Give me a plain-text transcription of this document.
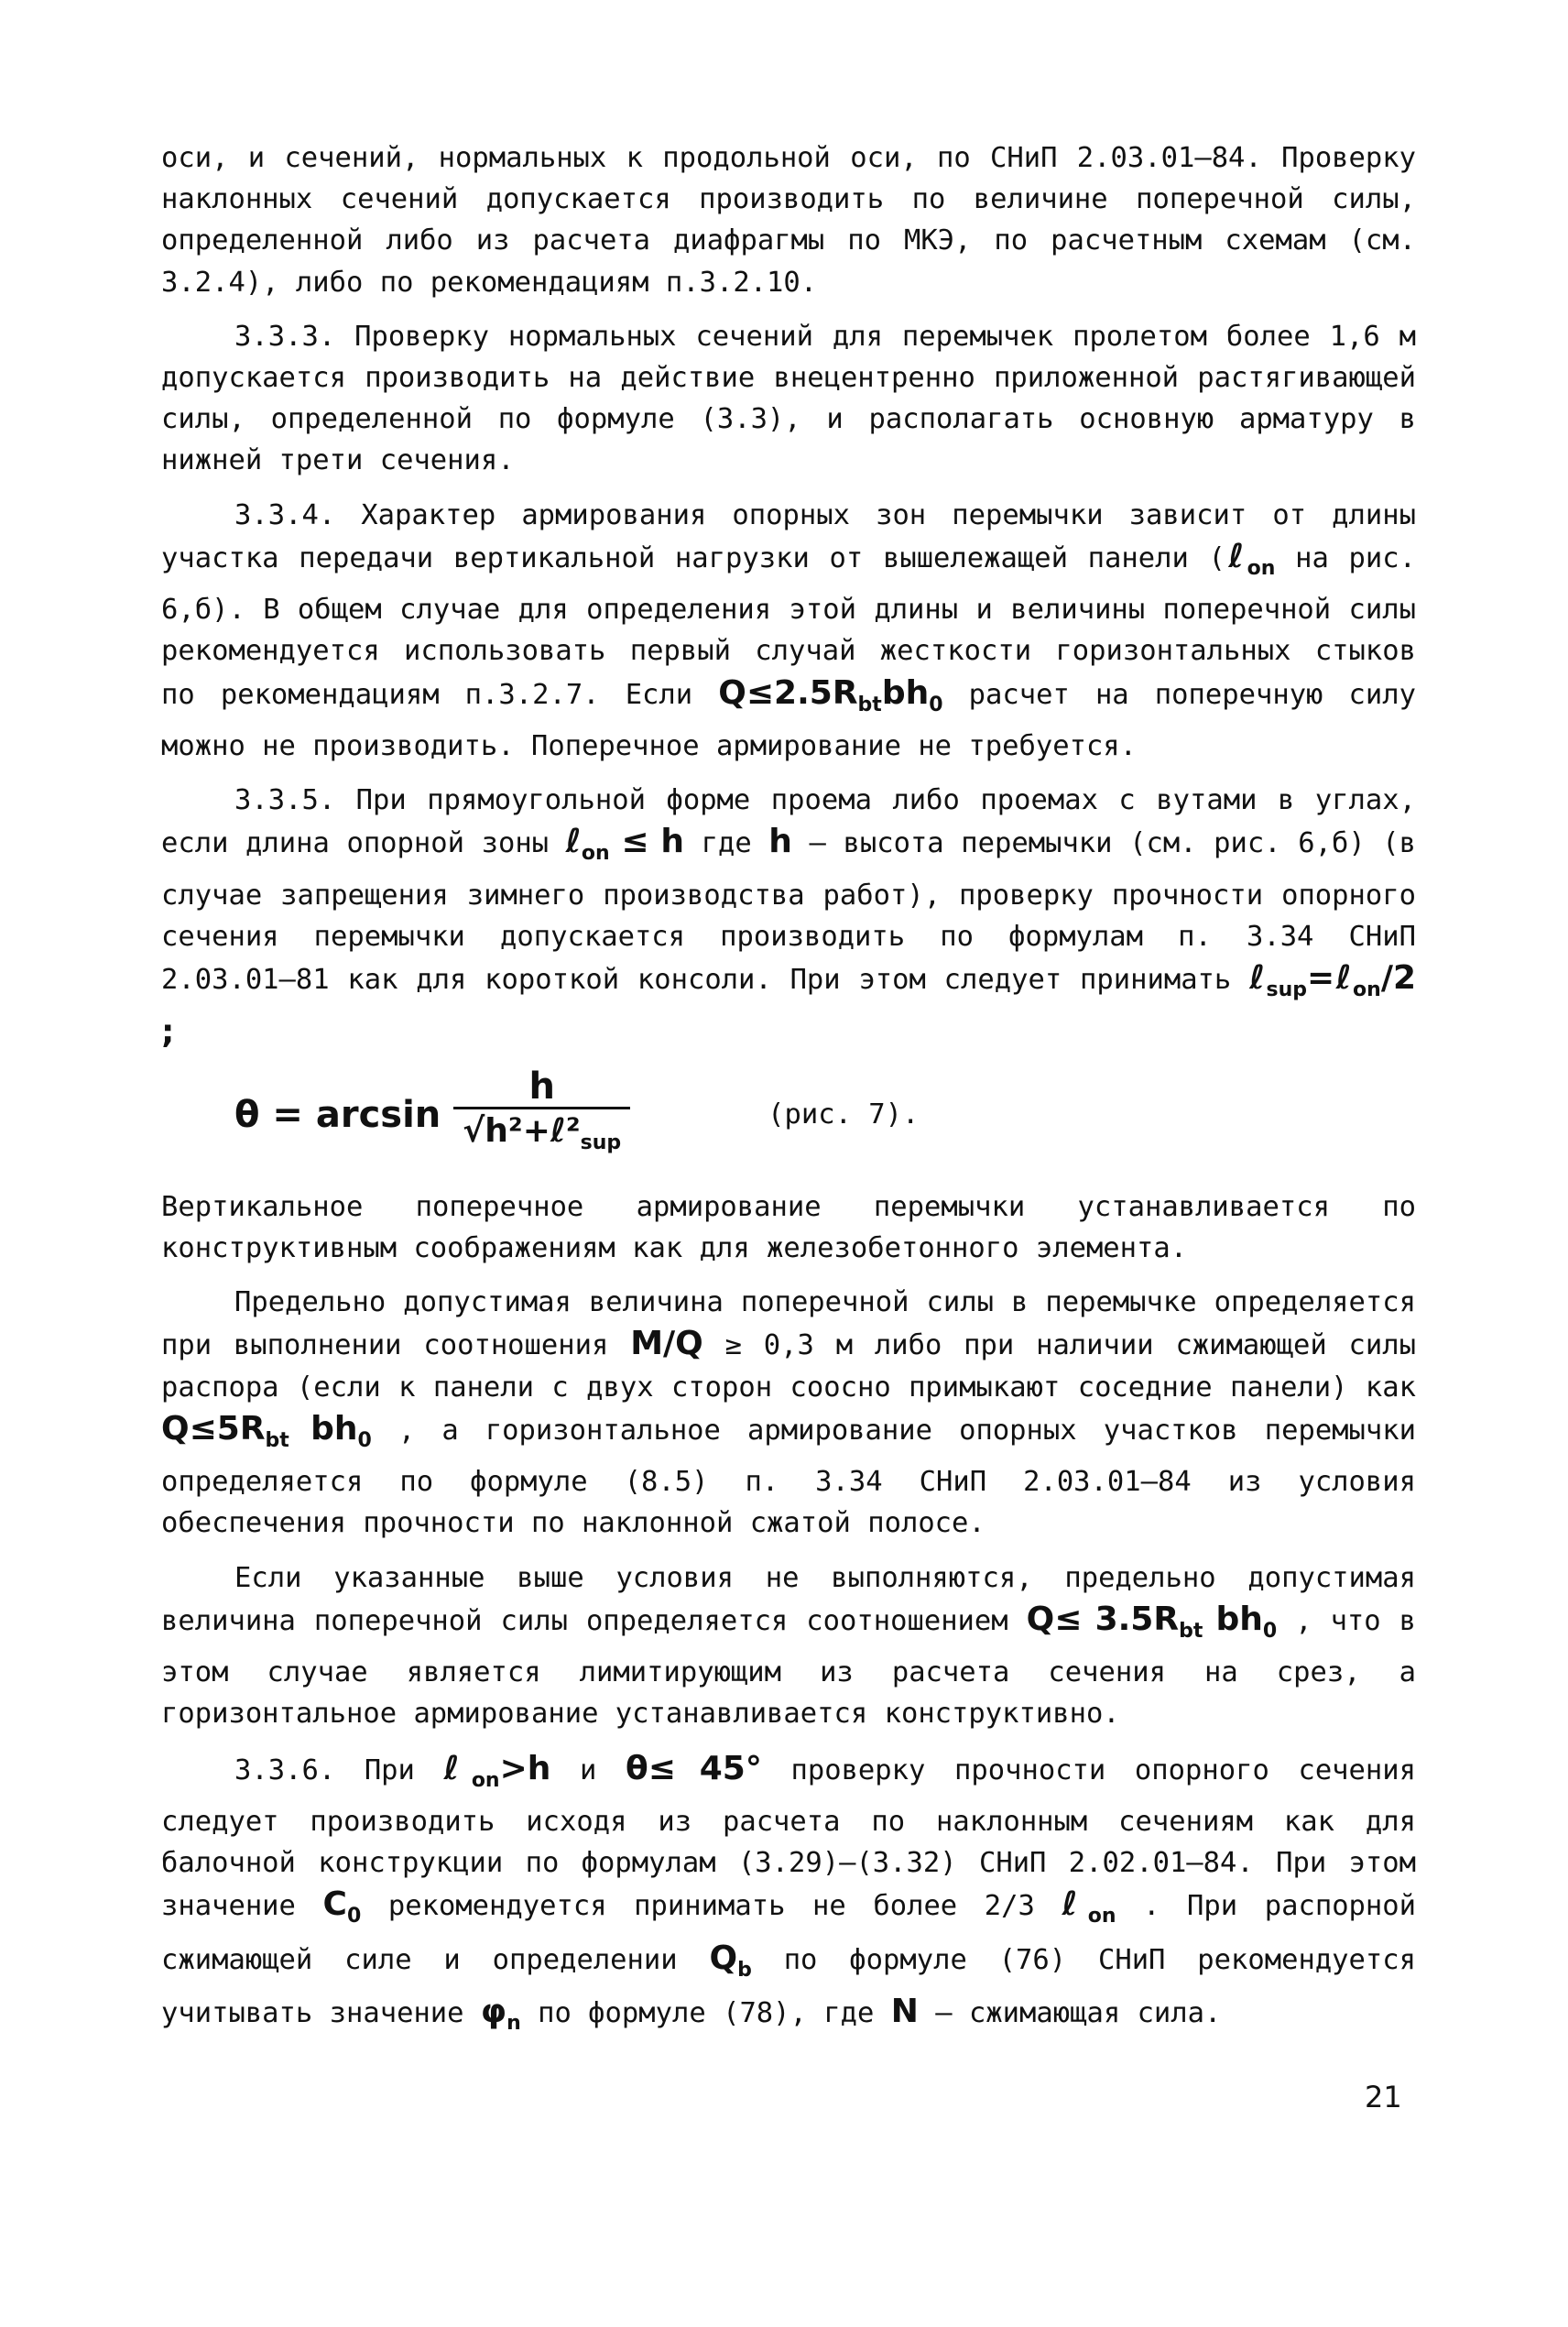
оси, и сечений, нормальных к продольной оси, по СНиП 2.03.01–84. Проверку наклонных сечений допускается производить по величине поперечной силы, определенной либо из расчета диафрагмы по МКЭ, по расчетным схемам (см. 3.2.4), либо по рекомендациям п.3.2.10.

3.3.3. Проверку нормальных сечений для перемычек пролетом более 1,6 м допускается производить на действие внецентренно приложенной растягивающей силы, определенной по формуле (3.3), и располагать основную арматуру в нижней трети сечения.

3.3.4. Характер армирования опорных зон перемычки зависит от длины участка передачи вертикальной нагрузки от вышележащей панели (ℓ$_{on}$ на рис. 6,б). В общем случае для определения этой длины и величины поперечной силы рекомендуется использовать первый случай жесткости горизонтальных стыков по рекомендациям п.3.2.7. Если $Q\le 2.5R_{bt}bh_0$ расчет на поперечную силу можно не производить. Поперечное армирование не требуется.

3.3.5. При прямоугольной форме проема либо проемах с вутами в углах, если длина опорной зоны ℓ$_{on}$ ≤ h где h – высота перемычки (см. рис. 6,б) (в случае запрещения зимнего производства работ), проверку прочности опорного сечения перемычки допускается производить по формулам п. 3.34 СНиП 2.03.01–81 как для короткой консоли. При этом следует принимать ℓ$_{sup}$=ℓ$_{on}$/2 ;

$\theta = \arcsin \frac{h}{√h^2+\ell^2_{sup}}$	(рис. 7).

Вертикальное поперечное армирование перемычки устанавливается по конструктивным соображениям как для железобетонного элемента.

Предельно допустимая величина поперечной силы в перемычке определяется при выполнении соотношения M/Q ≥ 0,3 м либо при наличии сжимающей силы распора (если к панели с двух сторон соосно примыкают соседние панели) как $Q\le 5R_{bt}$ $bh_0$ , а горизонтальное армирование опорных участков перемычки определяется по формуле (8.5) п. 3.34 СНиП 2.03.01–84 из условия обеспечения прочности по наклонной сжатой полосе.

Если указанные выше условия не выполняются, предельно допустимая величина поперечной силы определяется соотношением $Q\le 3.5R_{bt}$ $bh_0$ , что в этом случае является лимитирующим из расчета сечения на срез, а горизонтальное армирование устанавливается конструктивно.

3.3.6. При ℓ$_{on}$>h и θ≤ 45° проверку прочности опорного сечения следует производить исходя из расчета по наклонным сечениям как для балочной конструкции по формулам (3.29)–(3.32) СНиП 2.02.01–84. При этом значение $C_0$ рекомендуется принимать не более 2/3 ℓ$_{on}$ . При распорной сжимающей силе и определении $Q_b$ по формуле (76) СНиП рекомендуется учитывать значение $\varphi_n$ по формуле (78), где N – сжимающая сила.

21
